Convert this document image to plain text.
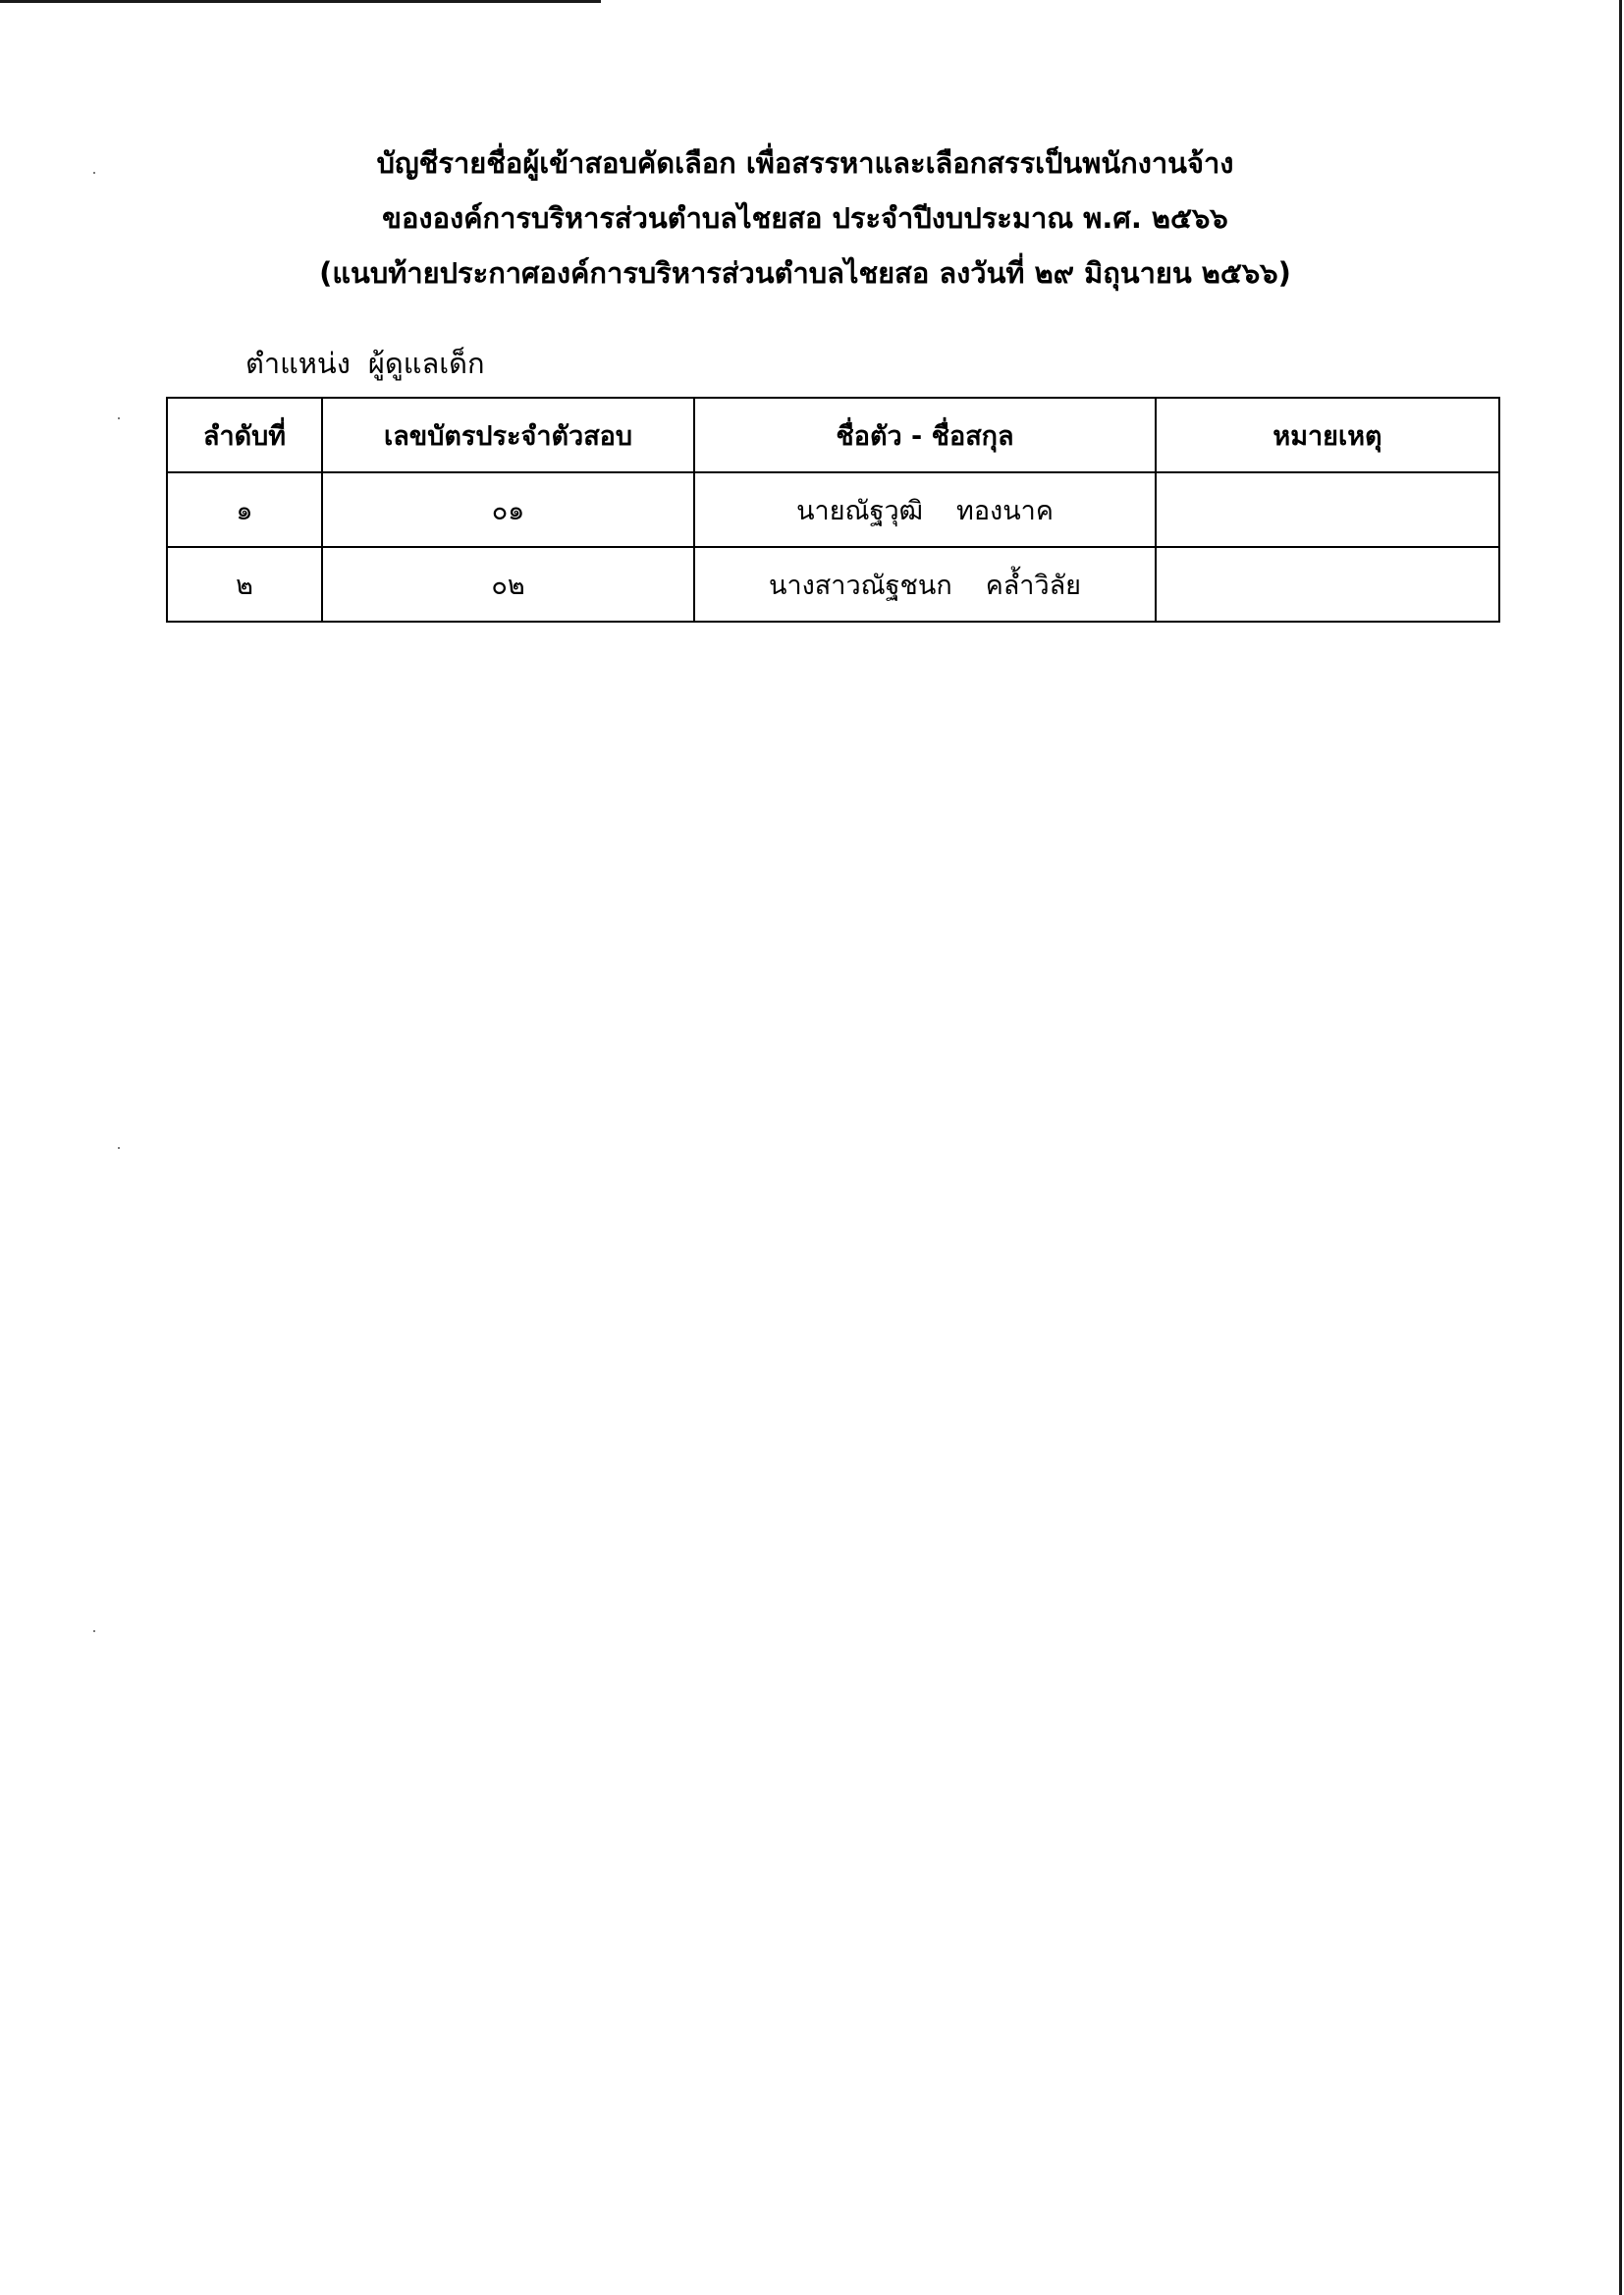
บัญชีรายชื่อผู้เข้าสอบคัดเลือก เพื่อสรรหาและเลือกสรรเป็นพนักงานจ้าง
ขององค์การบริหารส่วนตำบลไชยสอ ประจำปีงบประมาณ พ.ศ. ๒๕๖๖
(แนบท้ายประกาศองค์การบริหารส่วนตำบลไชยสอ ลงวันที่ ๒๙ มิถุนายน ๒๕๖๖)
ตำแหน่ง ผู้ดูแลเด็ก
ลำดับที่	เลขบัตรประจำตัวสอบ	ชื่อตัว - ชื่อสกุล	หมายเหตุ
๑	๐๑	นายณัฐวุฒิ ทองนาค	
๒	๐๒	นางสาวณัฐชนก คล้ำวิลัย	
